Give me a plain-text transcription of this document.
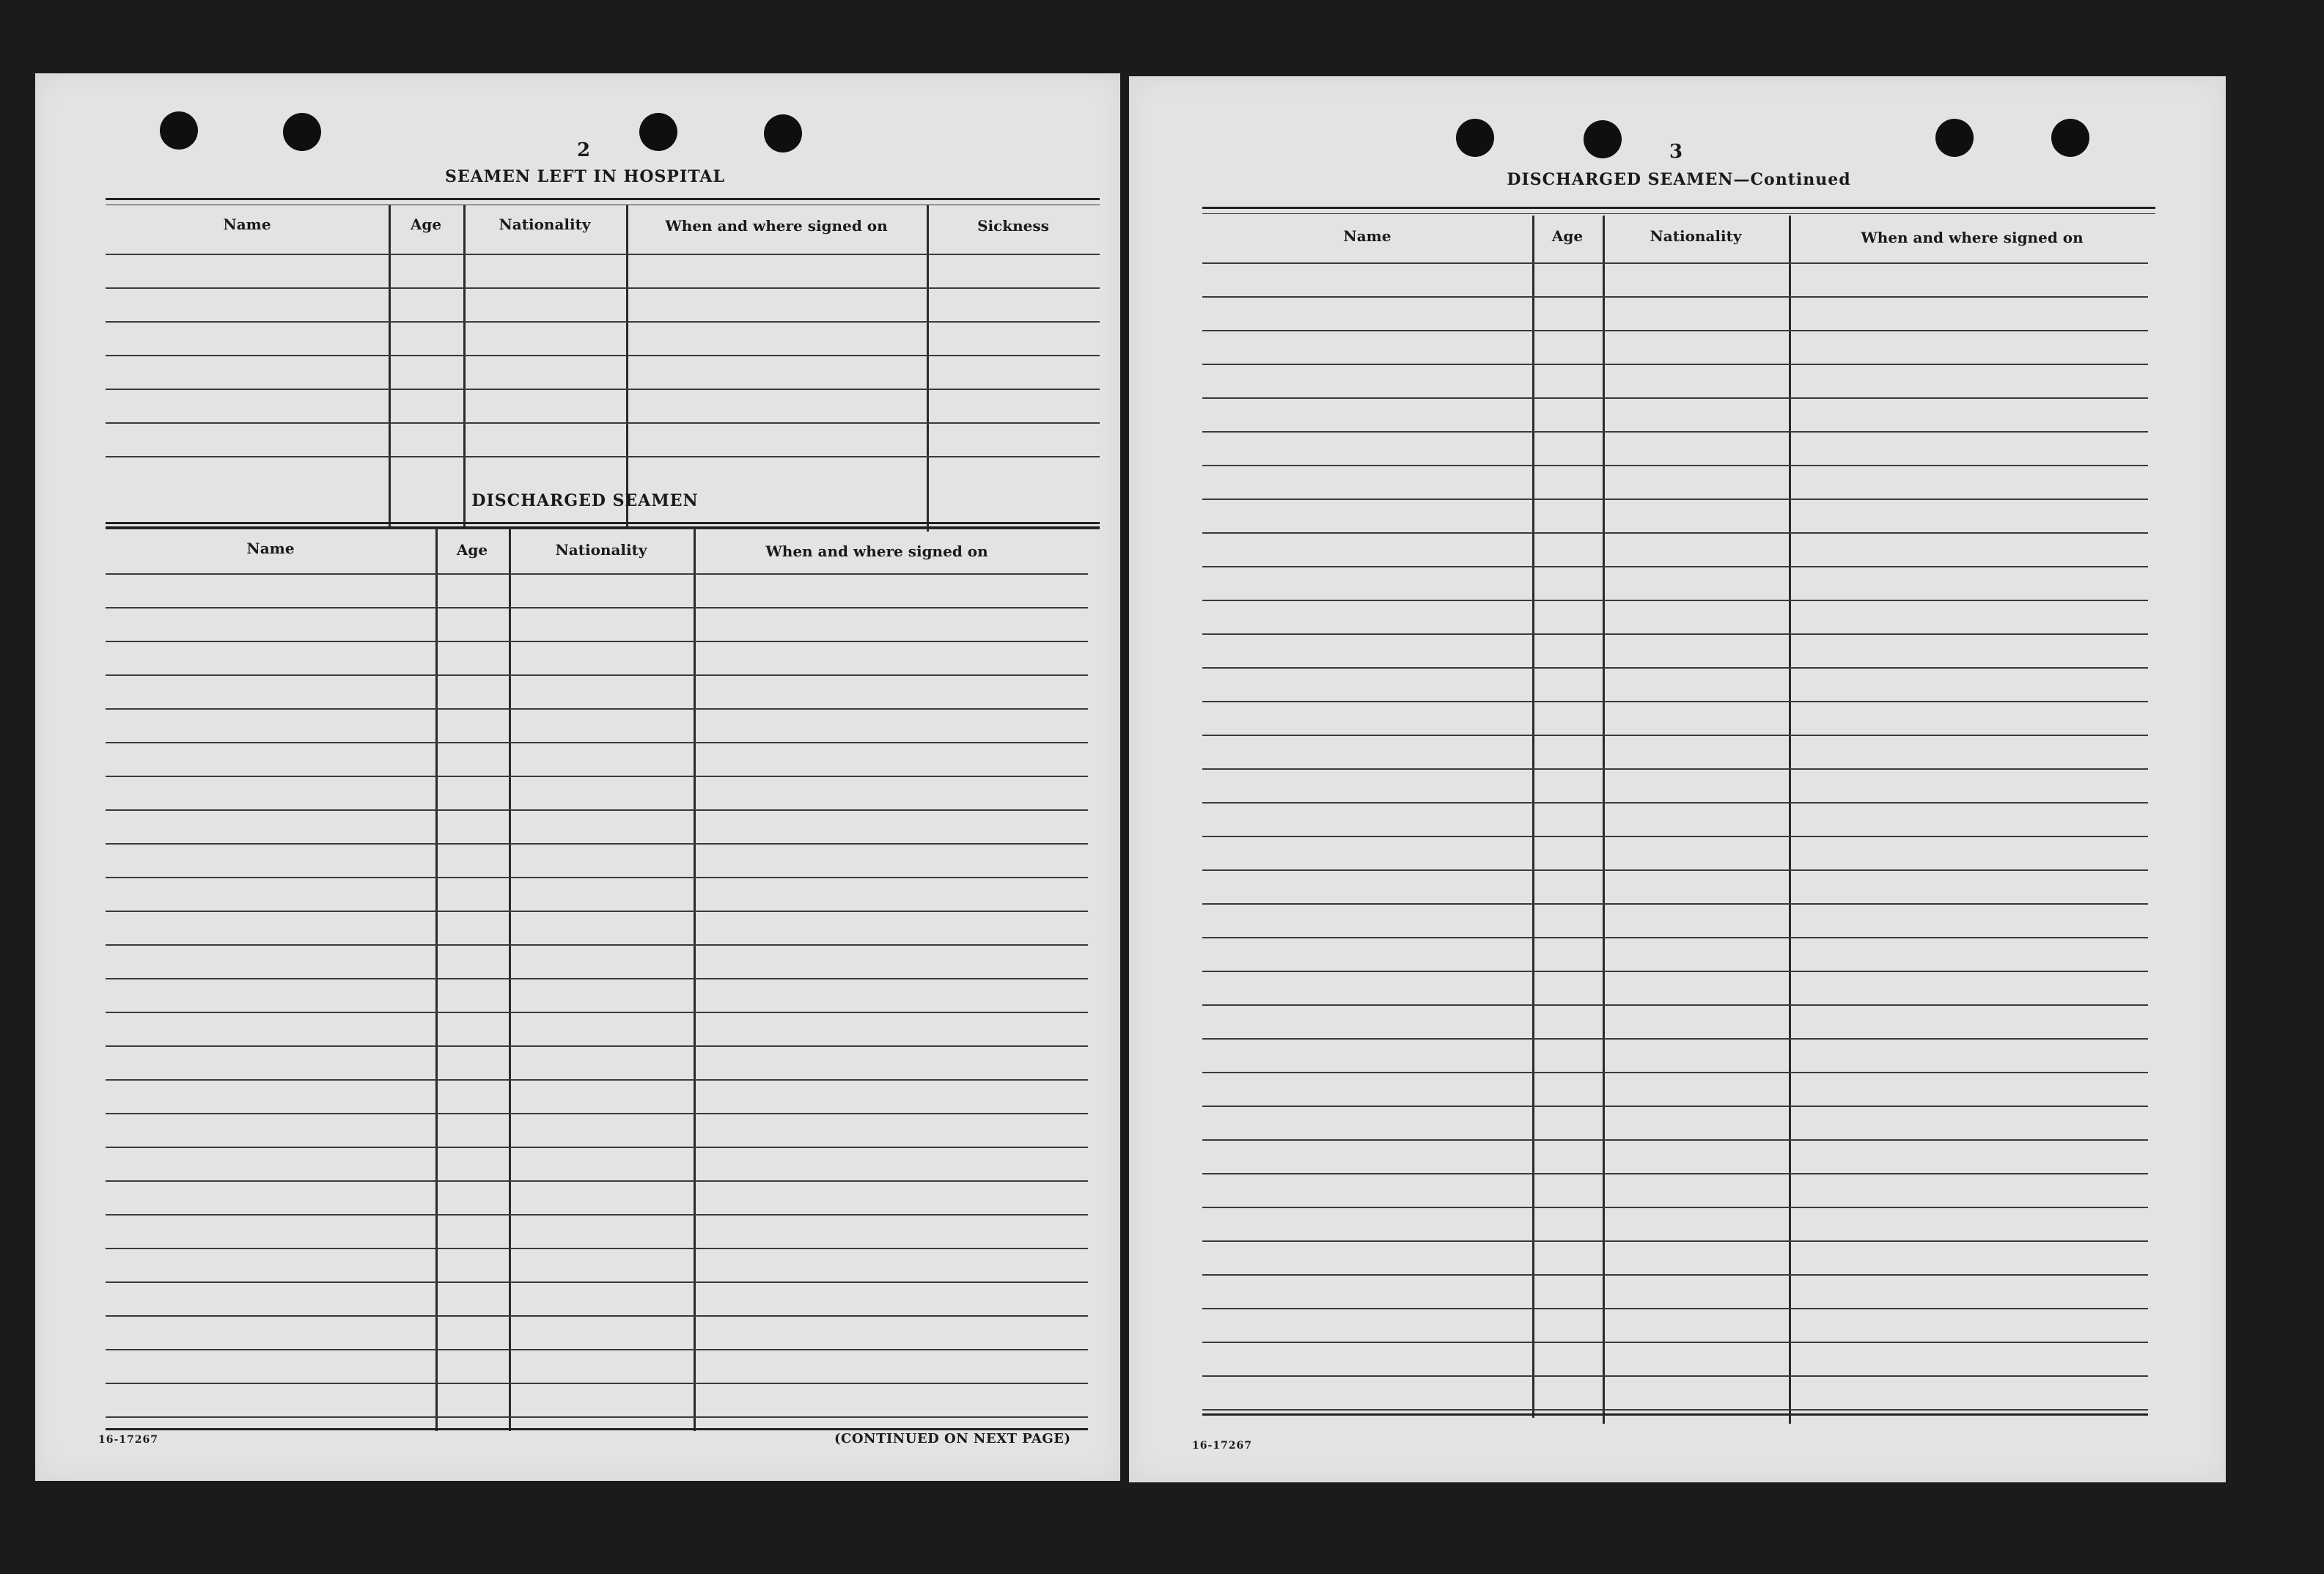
2
SEAMEN LEFT IN HOSPITAL
Name	Age	Nationality	When and where signed on	Sickness
DISCHARGED SEAMEN
Name	Age	Nationality	When and where signed on
16-17267	(CONTINUED ON NEXT PAGE)
3
DISCHARGED SEAMEN—Continued
Name	Age	Nationality	When and where signed on
16-17267
